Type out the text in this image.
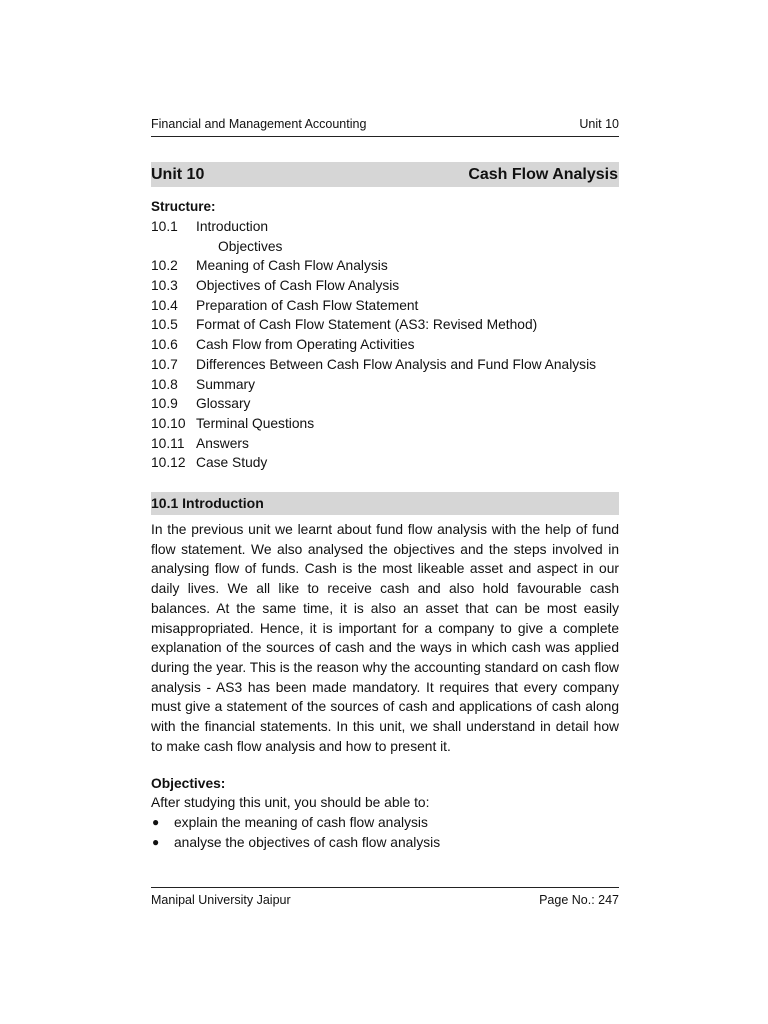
Financial and Management Accounting	Unit 10
Unit 10	Cash Flow Analysis
Structure:
10.1	Introduction
Objectives
10.2	Meaning of Cash Flow Analysis
10.3	Objectives of Cash Flow Analysis
10.4	Preparation of Cash Flow Statement
10.5	Format of Cash Flow Statement (AS3: Revised Method)
10.6	Cash Flow from Operating Activities
10.7	Differences Between Cash Flow Analysis and Fund Flow Analysis
10.8	Summary
10.9	Glossary
10.10 Terminal Questions
10.11 Answers
10.12 Case Study
10.1 Introduction

In the previous unit we learnt about fund flow analysis with the help of fund flow statement. We also analysed the objectives and the steps involved in analysing flow of funds. Cash is the most likeable asset and aspect in our daily lives. We all like to receive cash and also hold favourable cash balances. At the same time, it is also an asset that can be most easily misappropriated. Hence, it is important for a company to give a complete explanation of the sources of cash and the ways in which cash was applied during the year. This is the reason why the accounting standard on cash flow analysis - AS3 has been made mandatory. It requires that every company must give a statement of the sources of cash and applications of cash along with the financial statements. In this unit, we shall understand in detail how to make cash flow analysis and how to present it.

Objectives:
After studying this unit, you should be able to:
●	explain the meaning of cash flow analysis
●	analyse the objectives of cash flow analysis
Manipal University Jaipur	Page No.: 247
